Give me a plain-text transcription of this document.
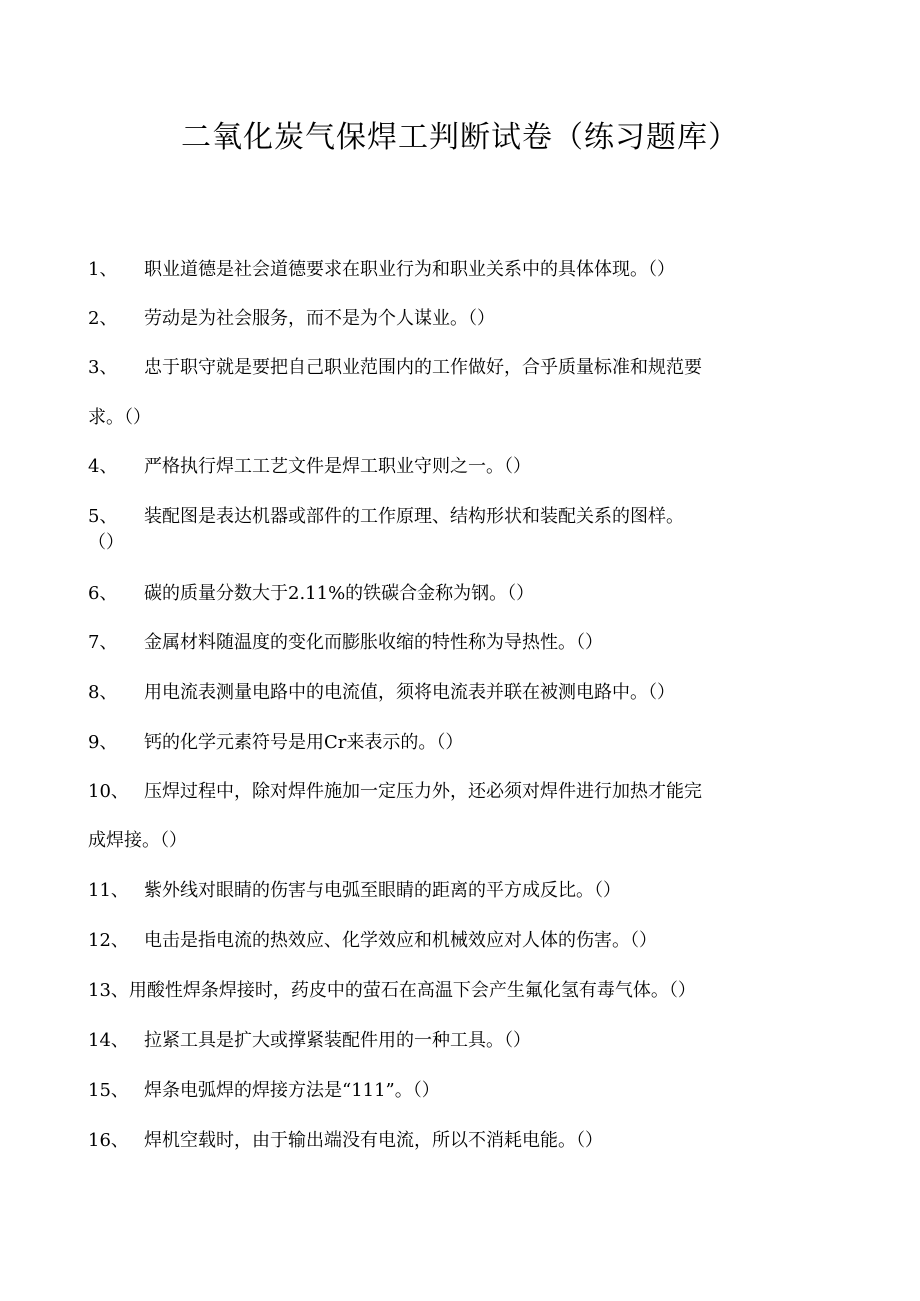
二氧化炭气保焊工判断试卷（练习题库）
1、 职业道德是社会道德要求在职业行为和职业关系中的具体体现。（）
2、 劳动是为社会服务，而不是为个人谋业。（）
3、 忠于职守就是要把自己职业范围内的工作做好，合乎质量标准和规范要
求。（）
4、 严格执行焊工工艺文件是焊工职业守则之一。（）
5、 装配图是表达机器或部件的工作原理、结构形状和装配关系的图样。
（）
6、 碳的质量分数大于2.11%的铁碳合金称为钢。（）
7、 金属材料随温度的变化而膨胀收缩的特性称为导热性。（）
8、 用电流表测量电路中的电流值，须将电流表并联在被测电路中。（）
9、 钙的化学元素符号是用Cr来表示的。（）
10、 压焊过程中，除对焊件施加一定压力外，还必须对焊件进行加热才能完
成焊接。（）
11、 紫外线对眼睛的伤害与电弧至眼睛的距离的平方成反比。（）
12、 电击是指电流的热效应、化学效应和机械效应对人体的伤害。（）
13、用酸性焊条焊接时，药皮中的萤石在高温下会产生氟化氢有毒气体。（）
14、 拉紧工具是扩大或撑紧装配件用的一种工具。（）
15、 焊条电弧焊的焊接方法是“111”。（）
16、 焊机空载时，由于输出端没有电流，所以不消耗电能。（）
